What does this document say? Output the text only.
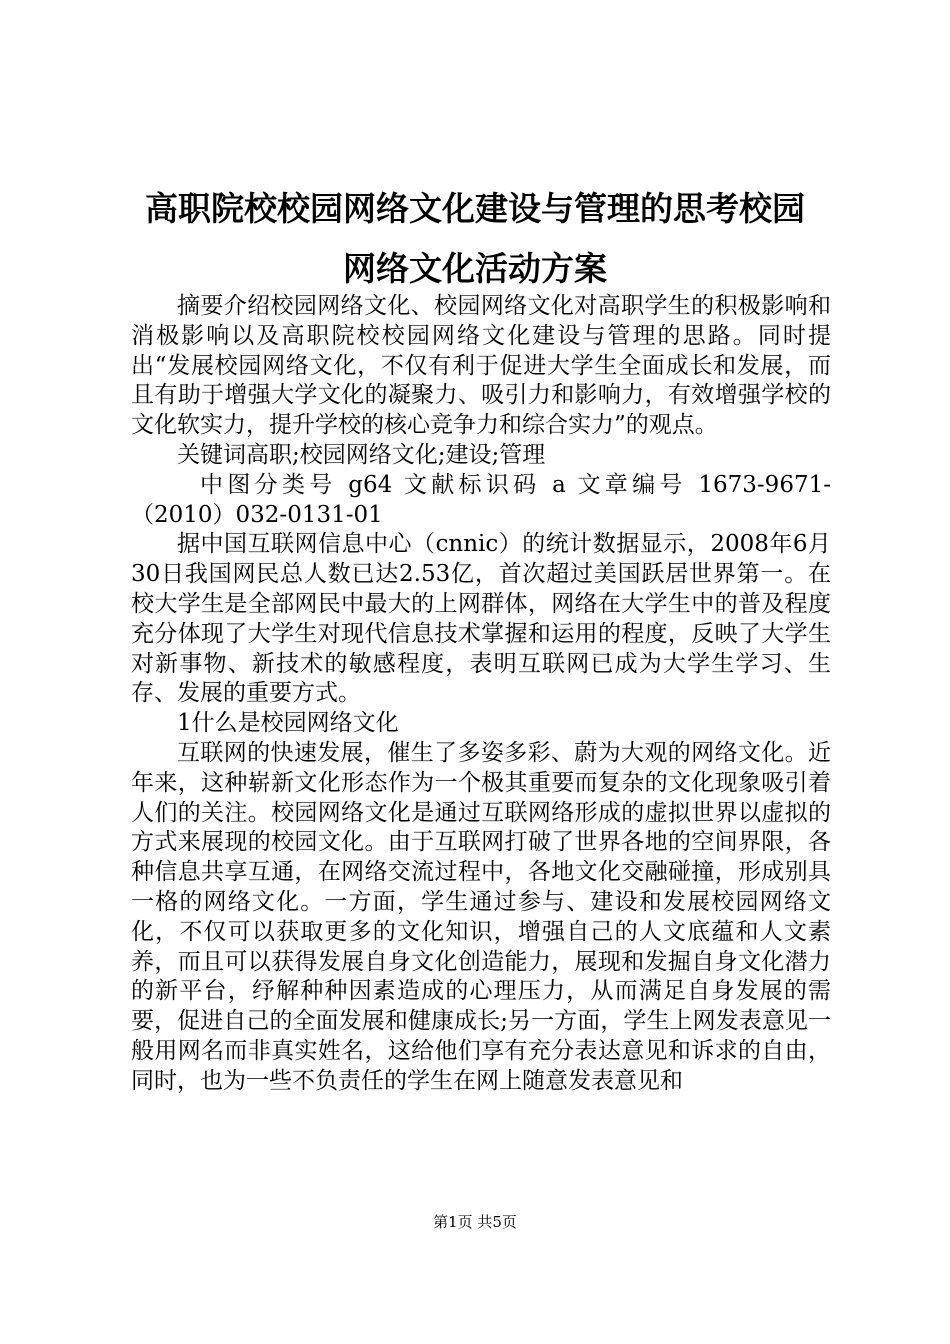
高职院校校园网络文化建设与管理的思考校园
网络文化活动方案

摘要介绍校园网络文化、校园网络文化对高职学生的积极影响和消极影响以及高职院校校园网络文化建设与管理的思路。同时提出“发展校园网络文化，不仅有利于促进大学生全面成长和发展，而且有助于增强大学文化的凝聚力、吸引力和影响力，有效增强学校的文化软实力，提升学校的核心竞争力和综合实力”的观点。

关键词高职;校园网络文化;建设;管理

中图分类号 g64 文献标识码 a 文章编号 1673-9671-（2010）032-0131-01

据中国互联网信息中心（cnnic）的统计数据显示，2008年6月30日我国网民总人数已达2.53亿，首次超过美国跃居世界第一。在校大学生是全部网民中最大的上网群体，网络在大学生中的普及程度充分体现了大学生对现代信息技术掌握和运用的程度，反映了大学生对新事物、新技术的敏感程度，表明互联网已成为大学生学习、生存、发展的重要方式。

1什么是校园网络文化

互联网的快速发展，催生了多姿多彩、蔚为大观的网络文化。近年来，这种崭新文化形态作为一个极其重要而复杂的文化现象吸引着人们的关注。校园网络文化是通过互联网络形成的虚拟世界以虚拟的方式来展现的校园文化。由于互联网打破了世界各地的空间界限，各种信息共享互通，在网络交流过程中，各地文化交融碰撞，形成别具一格的网络文化。一方面，学生通过参与、建设和发展校园网络文化，不仅可以获取更多的文化知识，增强自己的人文底蕴和人文素养，而且可以获得发展自身文化创造能力，展现和发掘自身文化潜力的新平台，纾解种种因素造成的心理压力，从而满足自身发展的需要，促进自己的全面发展和健康成长;另一方面，学生上网发表意见一般用网名而非真实姓名，这给他们享有充分表达意见和诉求的自由，同时，也为一些不负责任的学生在网上随意发表意见和

第1页 共5页
